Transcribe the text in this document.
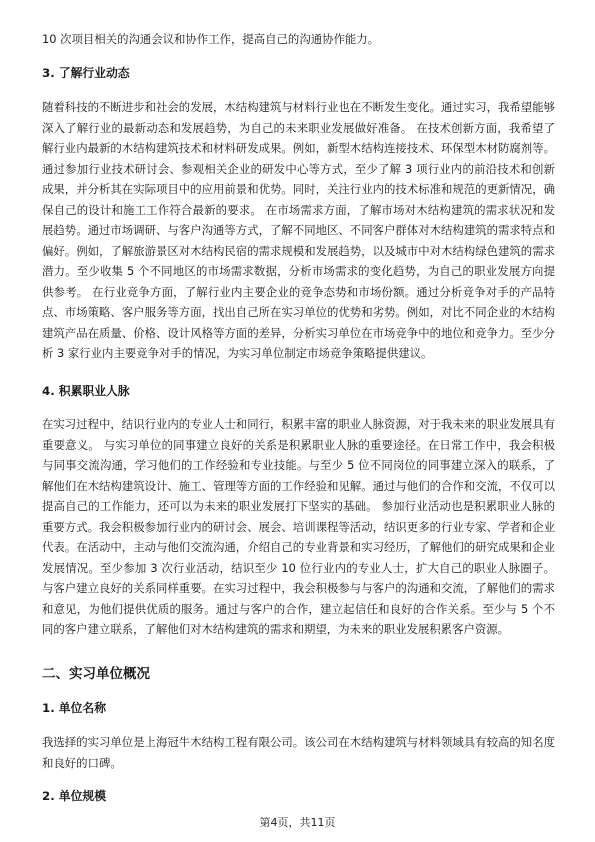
10 次项目相关的沟通会议和协作工作，提高自己的沟通协作能力。

3. 了解行业动态

随着科技的不断进步和社会的发展，木结构建筑与材料行业也在不断发生变化。通过实习，我希望能够深入了解行业的最新动态和发展趋势，为自己的未来职业发展做好准备。 在技术创新方面，我希望了解行业内最新的木结构建筑技术和材料研发成果。例如，新型木结构连接技术、环保型木材防腐剂等。通过参加行业技术研讨会、参观相关企业的研发中心等方式，至少了解 3 项行业内的前沿技术和创新成果，并分析其在实际项目中的应用前景和优势。同时，关注行业内的技术标准和规范的更新情况，确保自己的设计和施工工作符合最新的要求。 在市场需求方面，了解市场对木结构建筑的需求状况和发展趋势。通过市场调研、与客户沟通等方式，了解不同地区、不同客户群体对木结构建筑的需求特点和偏好。例如，了解旅游景区对木结构民宿的需求规模和发展趋势，以及城市中对木结构绿色建筑的需求潜力。至少收集 5 个不同地区的市场需求数据，分析市场需求的变化趋势，为自己的职业发展方向提供参考。 在行业竞争方面，了解行业内主要企业的竞争态势和市场份额。通过分析竞争对手的产品特点、市场策略、客户服务等方面，找出自己所在实习单位的优势和劣势。例如，对比不同企业的木结构建筑产品在质量、价格、设计风格等方面的差异，分析实习单位在市场竞争中的地位和竞争力。至少分析 3 家行业内主要竞争对手的情况，为实习单位制定市场竞争策略提供建议。

4. 积累职业人脉

在实习过程中，结识行业内的专业人士和同行，积累丰富的职业人脉资源，对于我未来的职业发展具有重要意义。 与实习单位的同事建立良好的关系是积累职业人脉的重要途径。在日常工作中，我会积极与同事交流沟通，学习他们的工作经验和专业技能。与至少 5 位不同岗位的同事建立深入的联系，了解他们在木结构建筑设计、施工、管理等方面的工作经验和见解。通过与他们的合作和交流，不仅可以提高自己的工作能力，还可以为未来的职业发展打下坚实的基础。 参加行业活动也是积累职业人脉的重要方式。我会积极参加行业内的研讨会、展会、培训课程等活动，结识更多的行业专家、学者和企业代表。在活动中，主动与他们交流沟通，介绍自己的专业背景和实习经历，了解他们的研究成果和企业发展情况。至少参加 3 次行业活动，结识至少 10 位行业内的专业人士，扩大自己的职业人脉圈子。 与客户建立良好的关系同样重要。在实习过程中，我会积极参与与客户的沟通和交流，了解他们的需求和意见，为他们提供优质的服务。通过与客户的合作，建立起信任和良好的合作关系。至少与 5 个不同的客户建立联系，了解他们对木结构建筑的需求和期望，为未来的职业发展积累客户资源。

二、实习单位概况

1. 单位名称

我选择的实习单位是上海冠牛木结构工程有限公司。该公司在木结构建筑与材料领域具有较高的知名度和良好的口碑。

2. 单位规模

第4页，共11页
